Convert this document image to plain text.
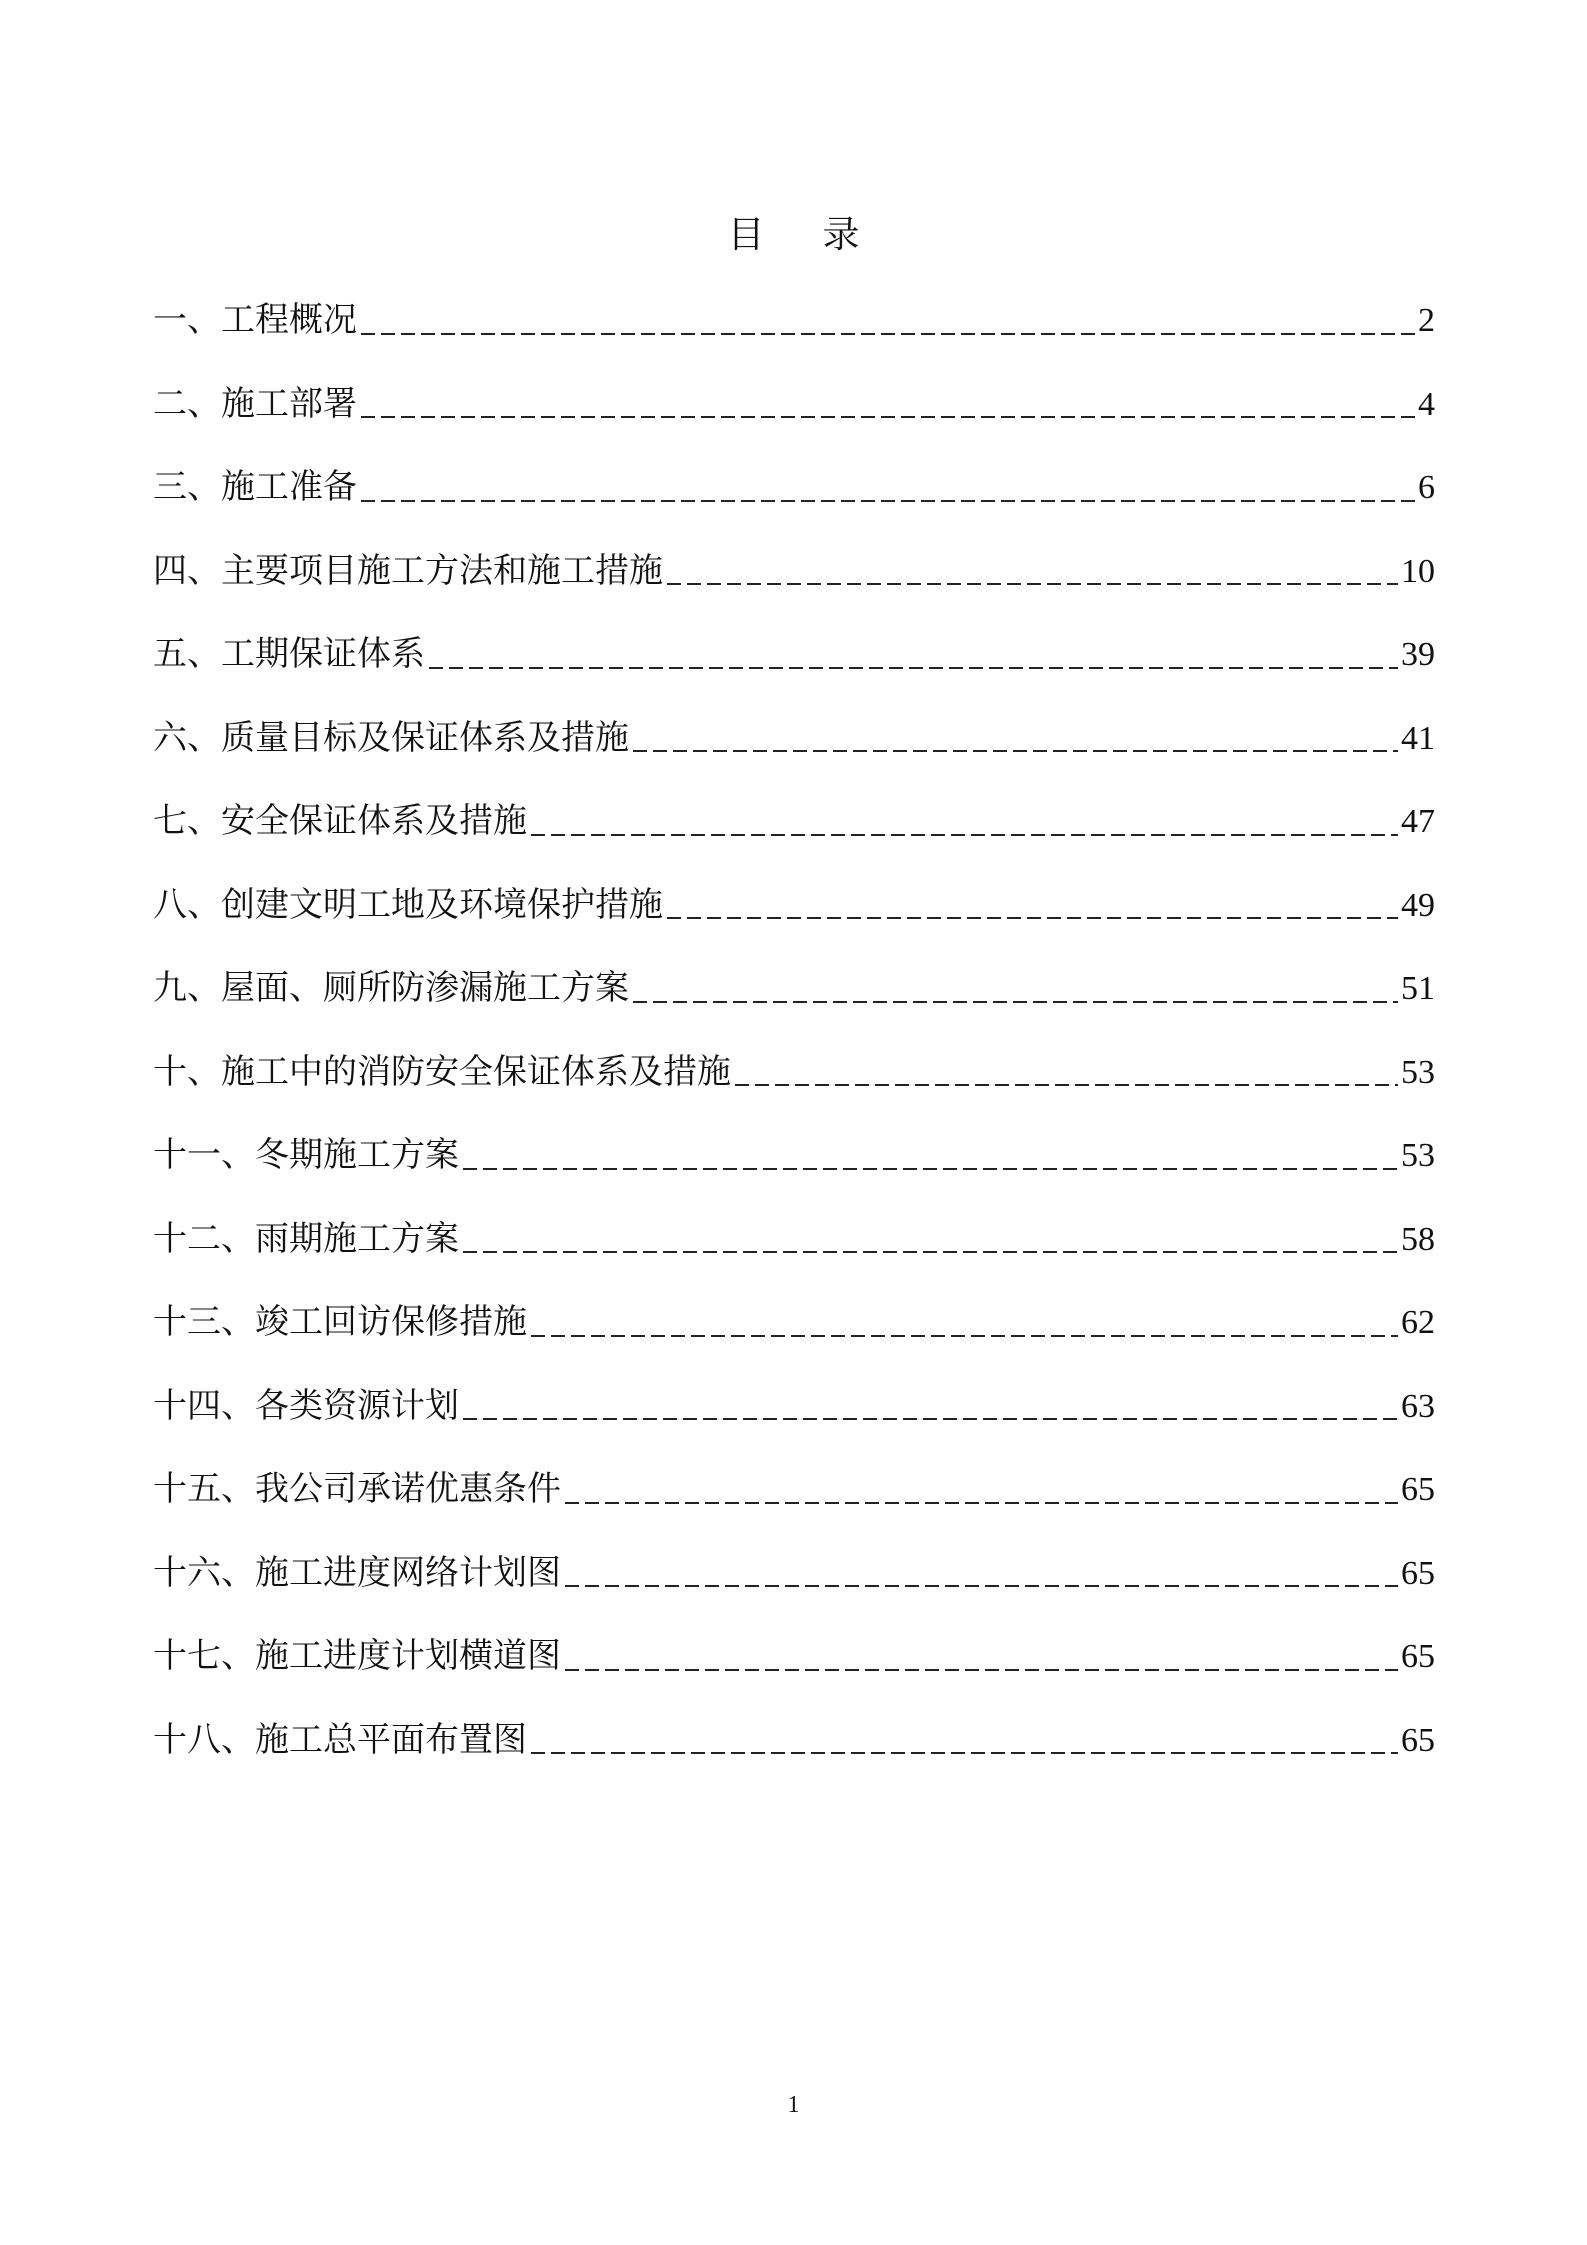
目录
一、工程概况	2
二、施工部署	4
三、施工准备	6
四、主要项目施工方法和施工措施	10
五、工期保证体系	39
六、质量目标及保证体系及措施	41
七、安全保证体系及措施	47
八、创建文明工地及环境保护措施	49
九、屋面、厕所防渗漏施工方案	51
十、施工中的消防安全保证体系及措施	53
十一、冬期施工方案	53
十二、雨期施工方案	58
十三、竣工回访保修措施	62
十四、各类资源计划	63
十五、我公司承诺优惠条件	65
十六、施工进度网络计划图	65
十七、施工进度计划横道图	65
十八、施工总平面布置图	65
1
